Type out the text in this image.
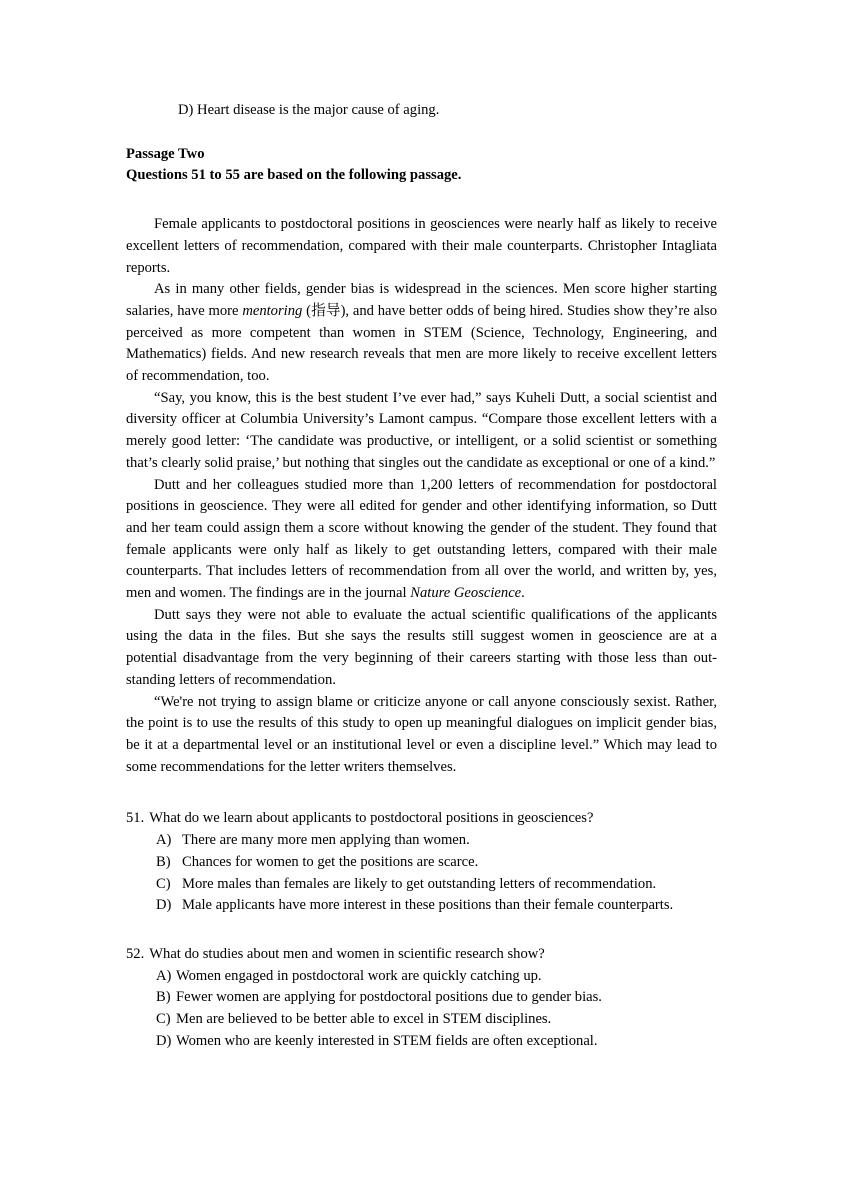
D) Heart disease is the major cause of aging.
Passage Two
Questions 51 to 55 are based on the following passage.

Female applicants to postdoctoral positions in geosciences were nearly half as likely to receive excellent letters of recommendation, compared with their male counterparts. Christopher Intagliata reports.

As in many other fields, gender bias is widespread in the sciences. Men score higher starting salaries, have more mentoring (指导), and have better odds of being hired. Studies show they’re also perceived as more competent than women in STEM (Science, Technology, Engineering, and Mathematics) fields. And new research reveals that men are more likely to receive excellent letters of recommendation, too.

“Say, you know, this is the best student I’ve ever had,” says Kuheli Dutt, a social scientist and diversity officer at Columbia University’s Lamont campus. “Compare those excellent letters with a merely good letter: ‘The candidate was productive, or intelligent, or a solid scientist or something that’s clearly solid praise,’ but nothing that singles out the candidate as exceptional or one of a kind.”

Dutt and her colleagues studied more than 1,200 letters of recommendation for postdoctoral positions in geoscience. They were all edited for gender and other identifying information, so Dutt and her team could assign them a score without knowing the gender of the student. They found that female applicants were only half as likely to get outstanding letters, compared with their male counterparts. That includes letters of recommendation from all over the world, and written by, yes, men and women. The findings are in the journal Nature Geoscience.

Dutt says they were not able to evaluate the actual scientific qualifications of the applicants using the data in the files. But she says the results still suggest women in geoscience are at a potential disadvantage from the very beginning of their careers starting with those less than out-standing letters of recommendation.

“We're not trying to assign blame or criticize anyone or call anyone consciously sexist. Rather, the point is to use the results of this study to open up meaningful dialogues on implicit gender bias, be it at a departmental level or an institutional level or even a discipline level.” Which may lead to some recommendations for the letter writers themselves.

51. What do we learn about applicants to postdoctoral positions in geosciences?
A) There are many more men applying than women.
B) Chances for women to get the positions are scarce.
C) More males than females are likely to get outstanding letters of recommendation.
D) Male applicants have more interest in these positions than their female counterparts.
52. What do studies about men and women in scientific research show?
A) Women engaged in postdoctoral work are quickly catching up.
B) Fewer women are applying for postdoctoral positions due to gender bias.
C) Men are believed to be better able to excel in STEM disciplines.
D) Women who are keenly interested in STEM fields are often exceptional.
